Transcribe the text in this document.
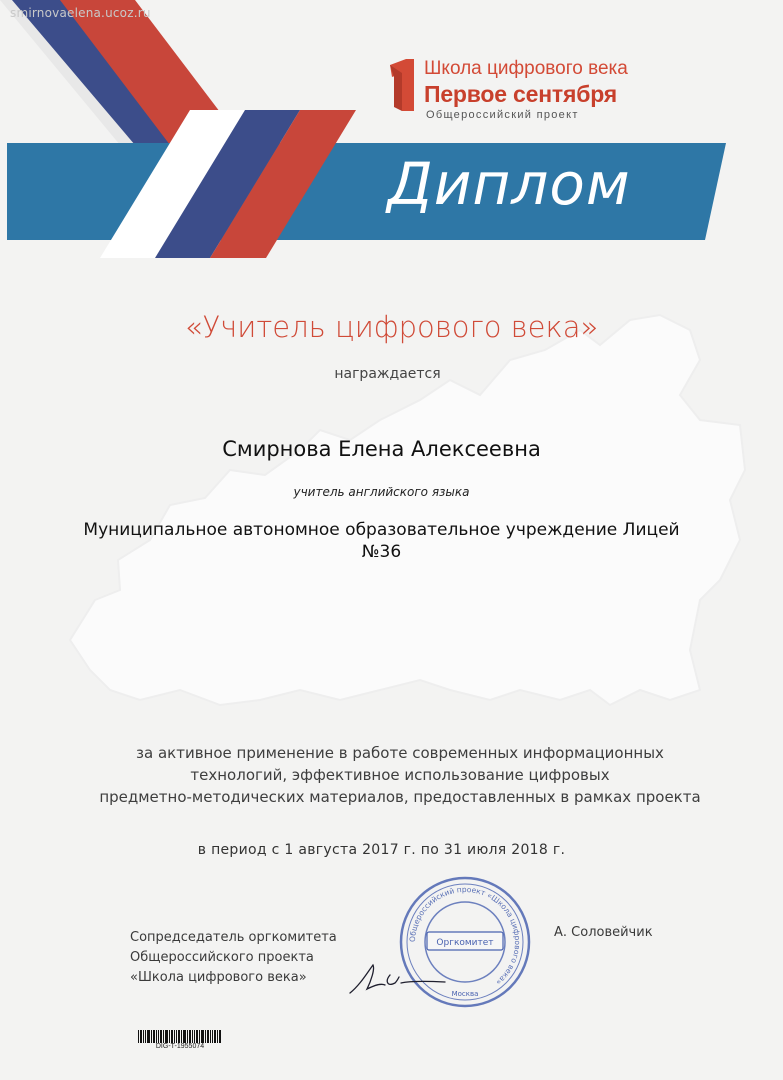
smirnovaelena.ucoz.ru
Школа цифрового века
Первое сентября
Общероссийский проект
Диплом
«Учитель цифрового века»
награждается
Смирнова Елена Алексеевна
учитель английского языка
Муниципальное автономное образовательное учреждение Лицей №36
за активное применение в работе современных информационных
технологий, эффективное использование цифровых
предметно-методических материалов, предоставленных в рамках проекта
в период с 1 августа 2017 г. по 31 июля 2018 г.
Сопредседатель оргкомитета
Общероссийского проекта
«Школа цифрового века»
А. Соловейчик
Общероссийский проект «Школа цифрового века»
Оргкомитет
Москва
DIG-T-1955074
